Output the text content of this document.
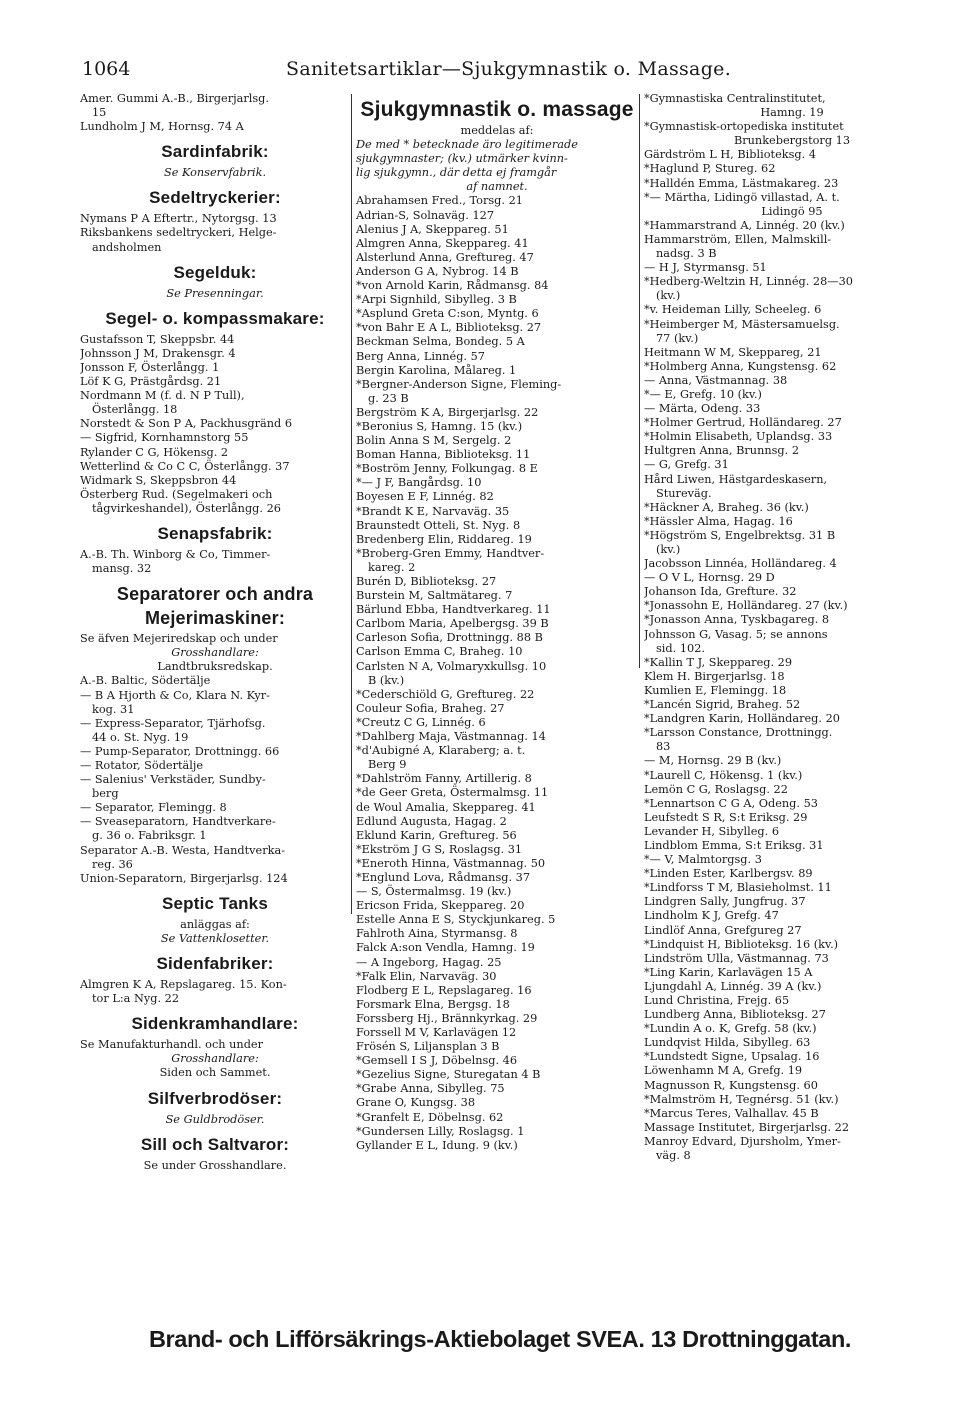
1064	Sanitetsartiklar—Sjukgymnastik o. Massage.
Amer. Gummi A.-B., Birgerjarlsg.
15
Lundholm J M, Hornsg. 74 A
Sardinfabrik:
Se Konservfabrik.
Sedeltryckerier:
Nymans P A Eftertr., Nytorgsg. 13
Riksbankens sedeltryckeri, Helge-
andsholmen
Segelduk:
Se Presenningar.
Segel- o. kompassmakare:
Gustafsson T, Skeppsbr. 44
Johnsson J M, Drakensgr. 4
Jonsson F, Österlångg. 1
Löf K G, Prästgårdsg. 21
Nordmann M (f. d. N P Tull),
Österlångg. 18
Norstedt & Son P A, Packhusgränd 6
— Sigfrid, Kornhamnstorg 55
Rylander C G, Hökensg. 2
Wetterlind & Co C C, Österlångg. 37
Widmark S, Skeppsbron 44
Österberg Rud. (Segelmakeri och
tågvirkeshandel), Österlångg. 26
Senapsfabrik:
A.-B. Th. Winborg & Co, Timmer-
mansg. 32
Separatorer och andra Mejerimaskiner:
Se äfven Mejeriredskap och under
Grosshandlare:
Landtbruksredskap.
A.-B. Baltic, Södertälje
— B A Hjorth & Co, Klara N. Kyr-
kog. 31
— Express-Separator, Tjärhofsg.
44 o. St. Nyg. 19
— Pump-Separator, Drottningg. 66
— Rotator, Södertälje
— Salenius' Verkstäder, Sundby-
berg
— Separator, Flemingg. 8
— Sveaseparatorn, Handtverkare-
g. 36 o. Fabriksgr. 1
Separator A.-B. Westa, Handtverka-
reg. 36
Union-Separatorn, Birgerjarlsg. 124
Septic Tanks
anläggas af:
Se Vattenklosetter.
Sidenfabriker:
Almgren K A, Repslagareg. 15. Kon-
tor L:a Nyg. 22
Sidenkramhandlare:
Se Manufakturhandl. och under
Grosshandlare:
Siden och Sammet.
Silfverbrodöser:
Se Guldbrodöser.
Sill och Saltvaror:
Se under Grosshandlare.
Sjukgymnastik o. massage
meddelas af:
De med * betecknade äro legitimerade
sjukgymnaster; (kv.) utmärker kvinn-
lig sjukgymn., där detta ej framgår
af namnet.
Abrahamsen Fred., Torsg. 21
Adrian-S, Solnaväg. 127
Alenius J A, Skeppareg. 51
Almgren Anna, Skeppareg. 41
Alsterlund Anna, Greftureg. 47
Anderson G A, Nybrog. 14 B
*von Arnold Karin, Rådmansg. 84
*Arpi Signhild, Sibylleg. 3 B
*Asplund Greta C:son, Myntg. 6
*von Bahr E A L, Biblioteksg. 27
Beckman Selma, Bondeg. 5 A
Berg Anna, Linnég. 57
Bergin Karolina, Målareg. 1
*Bergner-Anderson Signe, Fleming-
g. 23 B
Bergström K A, Birgerjarlsg. 22
*Beronius S, Hamng. 15 (kv.)
Bolin Anna S M, Sergelg. 2
Boman Hanna, Biblioteksg. 11
*Boström Jenny, Folkungag. 8 E
*— J F, Bangårdsg. 10
Boyesen E F, Linnég. 82
*Brandt K E, Narvaväg. 35
Braunstedt Otteli, St. Nyg. 8
Bredenberg Elin, Riddareg. 19
*Broberg-Gren Emmy, Handtver-
kareg. 2
Burén D, Biblioteksg. 27
Burstein M, Saltmätareg. 7
Bärlund Ebba, Handtverkareg. 11
Carlbom Maria, Apelbergsg. 39 B
Carleson Sofia, Drottningg. 88 B
Carlson Emma C, Braheg. 10
Carlsten N A, Volmaryxkullsg. 10
B (kv.)
*Cederschiöld G, Greftureg. 22
Couleur Sofia, Braheg. 27
*Creutz C G, Linnég. 6
*Dahlberg Maja, Västmannag. 14
*d'Aubigné A, Klaraberg; a. t.
Berg 9
*Dahlström Fanny, Artillerig. 8
*de Geer Greta, Östermalmsg. 11
de Woul Amalia, Skeppareg. 41
Edlund Augusta, Hagag. 2
Eklund Karin, Greftureg. 56
*Ekström J G S, Roslagsg. 31
*Eneroth Hinna, Västmannag. 50
*Englund Lova, Rådmansg. 37
— S, Östermalmsg. 19 (kv.)
Ericson Frida, Skeppareg. 20
Estelle Anna E S, Styckjunkareg. 5
Fahlroth Aina, Styrmansg. 8
Falck A:son Vendla, Hamng. 19
— A Ingeborg, Hagag. 25
*Falk Elin, Narvaväg. 30
Flodberg E L, Repslagareg. 16
Forsmark Elna, Bergsg. 18
Forssberg Hj., Brännkyrkag. 29
Forssell M V, Karlavägen 12
Frösén S, Liljansplan 3 B
*Gemsell I S J, Döbelnsg. 46
*Gezelius Signe, Sturegatan 4 B
*Grabe Anna, Sibylleg. 75
Grane O, Kungsg. 38
*Granfelt E, Döbelnsg. 62
*Gundersen Lilly, Roslagsg. 1
Gyllander E L, Idung. 9 (kv.)
*Gymnastiska Centralinstitutet,
Hamng. 19
*Gymnastisk-ortopediska institutet
Brunkebergstorg 13
Gärdström L H, Biblioteksg. 4
*Haglund P, Stureg. 62
*Halldén Emma, Lästmakareg. 23
*— Märtha, Lidingö villastad, A. t.
Lidingö 95
*Hammarstrand A, Linnég. 20 (kv.)
Hammarström, Ellen, Malmskill-
nadsg. 3 B
— H J, Styrmansg. 51
*Hedberg-Weltzin H, Linnég. 28—30
(kv.)
*v. Heideman Lilly, Scheeleg. 6
*Heimberger M, Mästersamuelsg.
77 (kv.)
Heitmann W M, Skeppareg, 21
*Holmberg Anna, Kungstensg. 62
— Anna, Västmannag. 38
*— E, Grefg. 10 (kv.)
— Märta, Odeng. 33
*Holmer Gertrud, Holländareg. 27
*Holmin Elisabeth, Uplandsg. 33
Hultgren Anna, Brunnsg. 2
— G, Grefg. 31
Hård Liwen, Hästgardeskasern,
Stureväg.
*Häckner A, Braheg. 36 (kv.)
*Hässler Alma, Hagag. 16
*Högström S, Engelbrektsg. 31 B
(kv.)
Jacobsson Linnéa, Holländareg. 4
— O V L, Hornsg. 29 D
Johanson Ida, Grefture. 32
*Jonassohn E, Holländareg. 27 (kv.)
*Jonasson Anna, Tyskbagareg. 8
Johnsson G, Vasag. 5; se annons
sid. 102.
*Kallin T J, Skeppareg. 29
Klem H. Birgerjarlsg. 18
Kumlien E, Flemingg. 18
*Lancén Sigrid, Braheg. 52
*Landgren Karin, Holländareg. 20
*Larsson Constance, Drottningg.
83
— M, Hornsg. 29 B (kv.)
*Laurell C, Hökensg. 1 (kv.)
Lemön C G, Roslagsg. 22
*Lennartson C G A, Odeng. 53
Leufstedt S R, S:t Eriksg. 29
Levander H, Sibylleg. 6
Lindblom Emma, S:t Eriksg. 31
*— V, Malmtorgsg. 3
*Linden Ester, Karlbergsv. 89
*Lindforss T M, Blasieholmst. 11
Lindgren Sally, Jungfrug. 37
Lindholm K J, Grefg. 47
Lindlöf Anna, Grefgureg 27
*Lindquist H, Biblioteksg. 16 (kv.)
Lindström Ulla, Västmannag. 73
*Ling Karin, Karlavägen 15 A
Ljungdahl A, Linnég. 39 A (kv.)
Lund Christina, Frejg. 65
Lundberg Anna, Biblioteksg. 27
*Lundin A o. K, Grefg. 58 (kv.)
Lundqvist Hilda, Sibylleg. 63
*Lundstedt Signe, Upsalag. 16
Löwenhamn M A, Grefg. 19
Magnusson R, Kungstensg. 60
*Malmström H, Tegnérsg. 51 (kv.)
*Marcus Teres, Valhallav. 45 B
Massage Institutet, Birgerjarlsg. 22
Manroy Edvard, Djursholm, Ymer-
väg. 8
Brand- och Lifförsäkrings-Aktiebolaget SVEA. 13 Drottninggatan.
